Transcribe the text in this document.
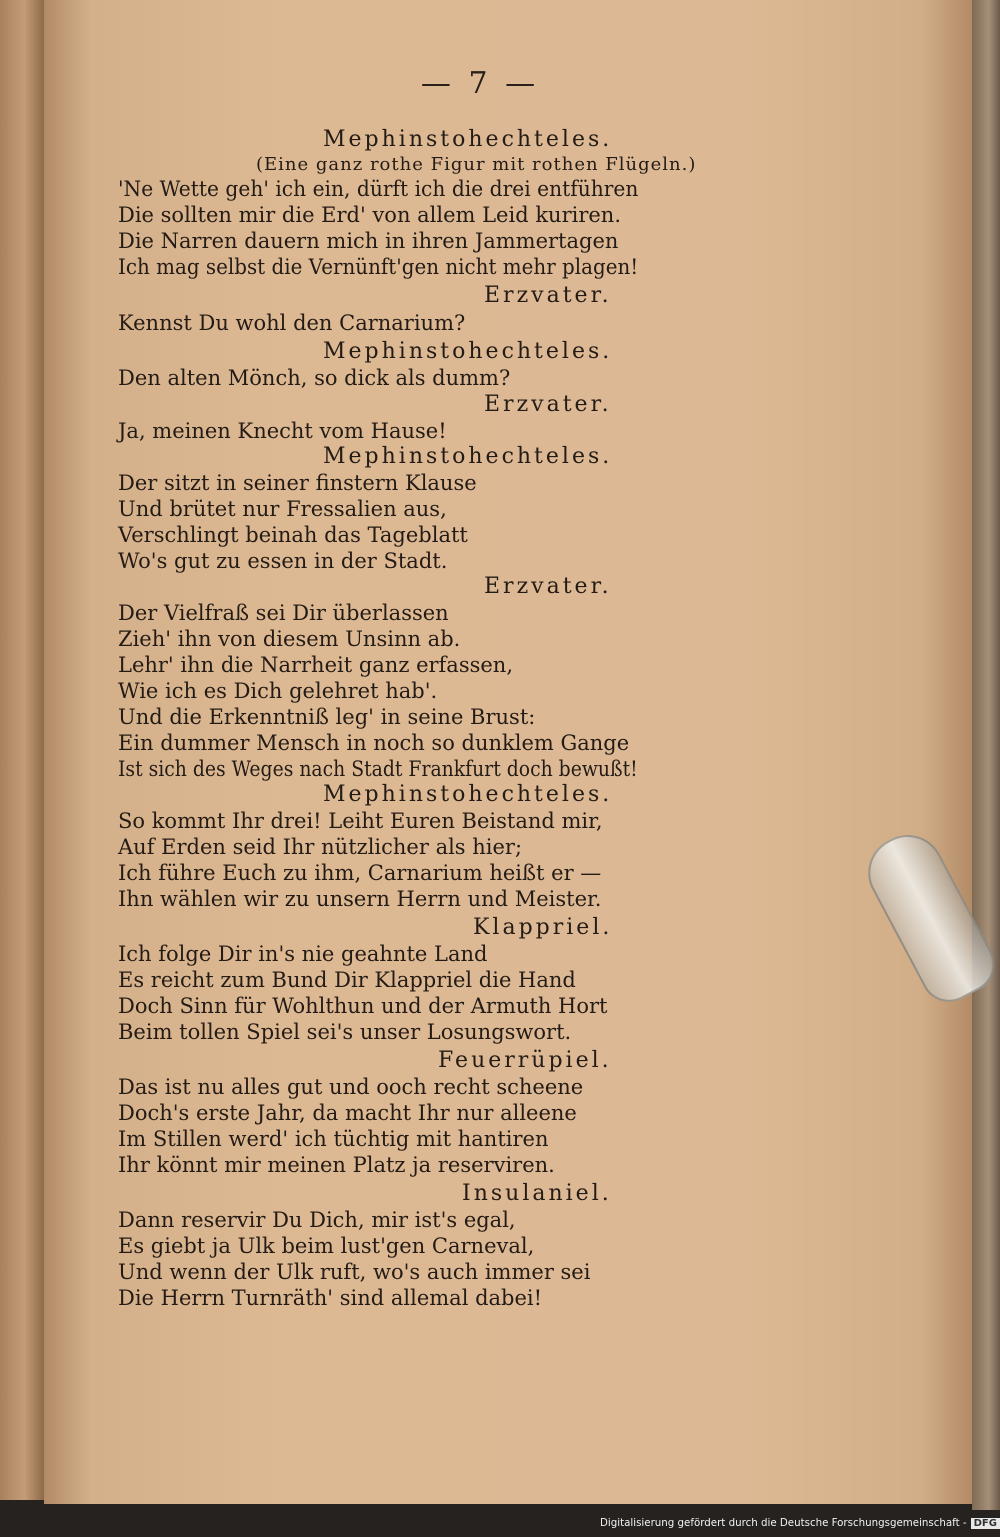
— 7 —
Mephinstohechteles.
(Eine ganz rothe Figur mit rothen Flügeln.)
'Ne Wette geh' ich ein, dürft ich die drei entführen
Die sollten mir die Erd' von allem Leid kuriren.
Die Narren dauern mich in ihren Jammertagen
Ich mag selbst die Vernünft'gen nicht mehr plagen!
Erzvater.
Kennst Du wohl den Carnarium?
Mephinstohechteles.
Den alten Mönch, so dick als dumm?
Erzvater.
Ja, meinen Knecht vom Hause!
Mephinstohechteles.
Der sitzt in seiner finstern Klause
Und brütet nur Fressalien aus,
Verschlingt beinah das Tageblatt
Wo's gut zu essen in der Stadt.
Erzvater.
Der Vielfraß sei Dir überlassen
Zieh' ihn von diesem Unsinn ab.
Lehr' ihn die Narrheit ganz erfassen,
Wie ich es Dich gelehret hab'.
Und die Erkenntniß leg' in seine Brust:
Ein dummer Mensch in noch so dunklem Gange
Ist sich des Weges nach Stadt Frankfurt doch bewußt!
Mephinstohechteles.
So kommt Ihr drei! Leiht Euren Beistand mir,
Auf Erden seid Ihr nützlicher als hier;
Ich führe Euch zu ihm, Carnarium heißt er —
Ihn wählen wir zu unsern Herrn und Meister.
Klappriel.
Ich folge Dir in's nie geahnte Land
Es reicht zum Bund Dir Klappriel die Hand
Doch Sinn für Wohlthun und der Armuth Hort
Beim tollen Spiel sei's unser Losungswort.
Feuerrüpiel.
Das ist nu alles gut und ooch recht scheene
Doch's erste Jahr, da macht Ihr nur alleene
Im Stillen werd' ich tüchtig mit hantiren
Ihr könnt mir meinen Platz ja reserviren.
Insulaniel.
Dann reservir Du Dich, mir ist's egal,
Es giebt ja Ulk beim lust'gen Carneval,
Und wenn der Ulk ruft, wo's auch immer sei
Die Herrn Turnräth' sind allemal dabei!
Digitalisierung gefördert durch die Deutsche Forschungsgemeinschaft - DFG
